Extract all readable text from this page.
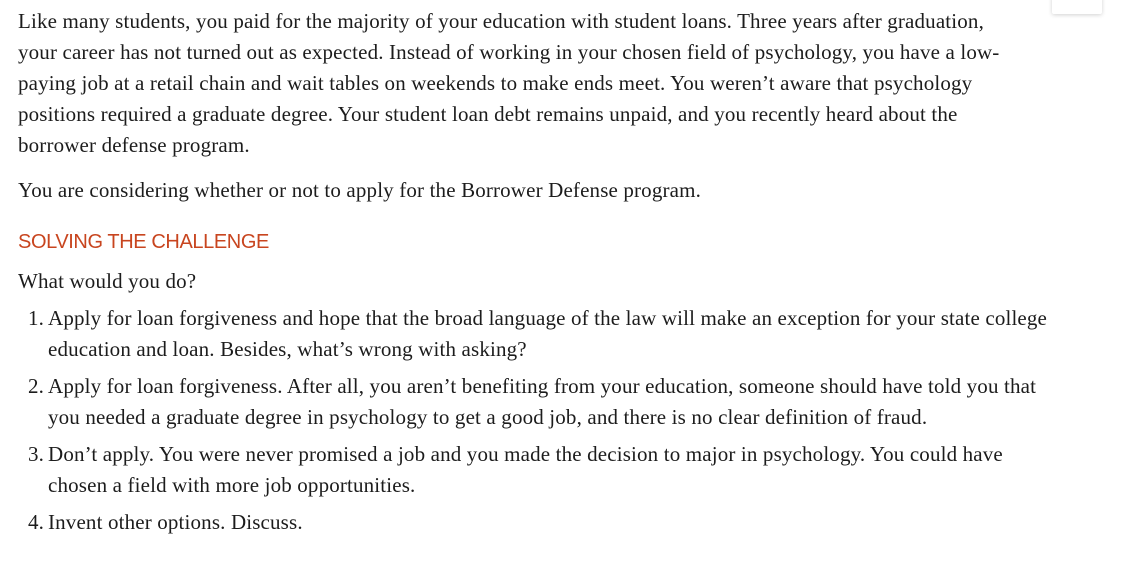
Like many students, you paid for the majority of your education with student loans. Three years after graduation, your career has not turned out as expected. Instead of working in your chosen field of psychology, you have a low-paying job at a retail chain and wait tables on weekends to make ends meet. You weren’t aware that psychology positions required a graduate degree. Your student loan debt remains unpaid, and you recently heard about the borrower defense program.

You are considering whether or not to apply for the Borrower Defense program.

SOLVING THE CHALLENGE

What would you do?

1. Apply for loan forgiveness and hope that the broad language of the law will make an exception for your state college education and loan. Besides, what’s wrong with asking?
2. Apply for loan forgiveness. After all, you aren’t benefiting from your education, someone should have told you that you needed a graduate degree in psychology to get a good job, and there is no clear definition of fraud.
3. Don’t apply. You were never promised a job and you made the decision to major in psychology. You could have chosen a field with more job opportunities.
4. Invent other options. Discuss.
